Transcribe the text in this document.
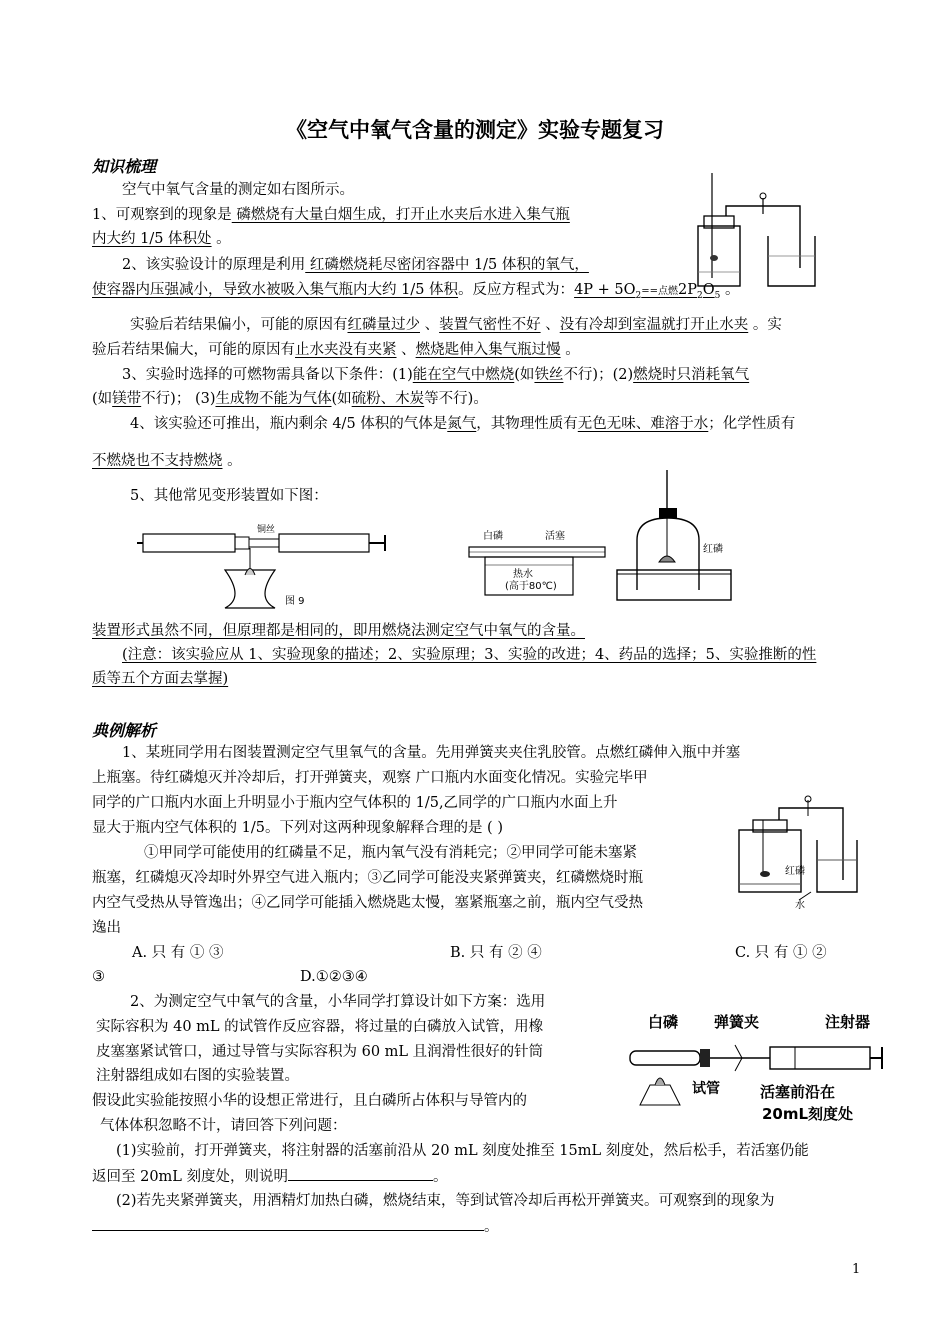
《空气中氧气含量的测定》实验专题复习
知识梳理
空气中氧气含量的测定如右图所示。
1、可观察到的现象是 磷燃烧有大量白烟生成，打开止水夹后水进入集气瓶
内大约 1/5 体积处 。
2、该实验设计的原理是利用 红磷燃烧耗尽密闭容器中 1/5 体积的氧气，
使容器内压强减小，导致水被吸入集气瓶内大约 1/5 体积。反应方程式为：$4P + 5O_2==$点燃$2P_2O_5$ 。
实验后若结果偏小，可能的原因有红磷量过少 、装置气密性不好 、没有冷却到室温就打开止水夹 。实
验后若结果偏大，可能的原因有止水夹没有夹紧 、燃烧匙伸入集气瓶过慢 。
3、实验时选择的可燃物需具备以下条件：(1)能在空气中燃烧(如铁丝不行)；(2)燃烧时只消耗氧气
(如镁带不行)； (3)生成物不能为气体(如硫粉、木炭等不行)。
4、该实验还可推出，瓶内剩余 4/5 体积的气体是氮气，其物理性质有无色无味、难溶于水；化学性质有
不燃烧也不支持燃烧 。
5、其他常见变形装置如下图：
铜丝
图 9
白磷	活塞
热水
(高于80℃)
红磷
装置形式虽然不同，但原理都是相同的，即用燃烧法测定空气中氧气的含量。
(注意：该实验应从 1、实验现象的描述；2、实验原理；3、实验的改进；4、药品的选择；5、实验推断的性
质等五个方面去掌握)
典例解析
1、某班同学用右图装置测定空气里氧气的含量。先用弹簧夹夹住乳胶管。点燃红磷伸入瓶中并塞
上瓶塞。待红磷熄灭并冷却后，打开弹簧夹，观察 广口瓶内水面变化情况。实验完毕甲
同学的广口瓶内水面上升明显小于瓶内空气体积的 1/5,乙同学的广口瓶内水面上升
显大于瓶内空气体积的 1/5。下列对这两种现象解释合理的是 ( )
①甲同学可能使用的红磷量不足，瓶内氧气没有消耗完；②甲同学可能未塞紧
瓶塞，红磷熄灭冷却时外界空气进入瓶内；③乙同学可能没夹紧弹簧夹，红磷燃烧时瓶
内空气受热从导管逸出；④乙同学可能插入燃烧匙太慢，塞紧瓶塞之前，瓶内空气受热
逸出
红磷
水
A. 只 有 ① ③	B. 只 有 ② ④	C. 只 有 ① ②
③	D.①②③④
2、为测定空气中氧气的含量，小华同学打算设计如下方案：选用
实际容积为 40 mL 的试管作反应容器，将过量的白磷放入试管，用橡
皮塞塞紧试管口，通过导管与实际容积为 60 mL 且润滑性很好的针筒
注射器组成如右图的实验装置。
假设此实验能按照小华的设想正常进行，且白磷所占体积与导管内的
气体体积忽略不计，请回答下列问题：
白磷 弹簧夹	注射器
试管	活塞前沿在
20mL刻度处
(1)实验前，打开弹簧夹，将注射器的活塞前沿从 20 mL 刻度处推至 15mL 刻度处，然后松手，若活塞仍能
返回至 20mL 刻度处，则说明	。
(2)若先夹紧弹簧夹，用酒精灯加热白磷，燃烧结束，等到试管冷却后再松开弹簧夹。可观察到的现象为
。
1
